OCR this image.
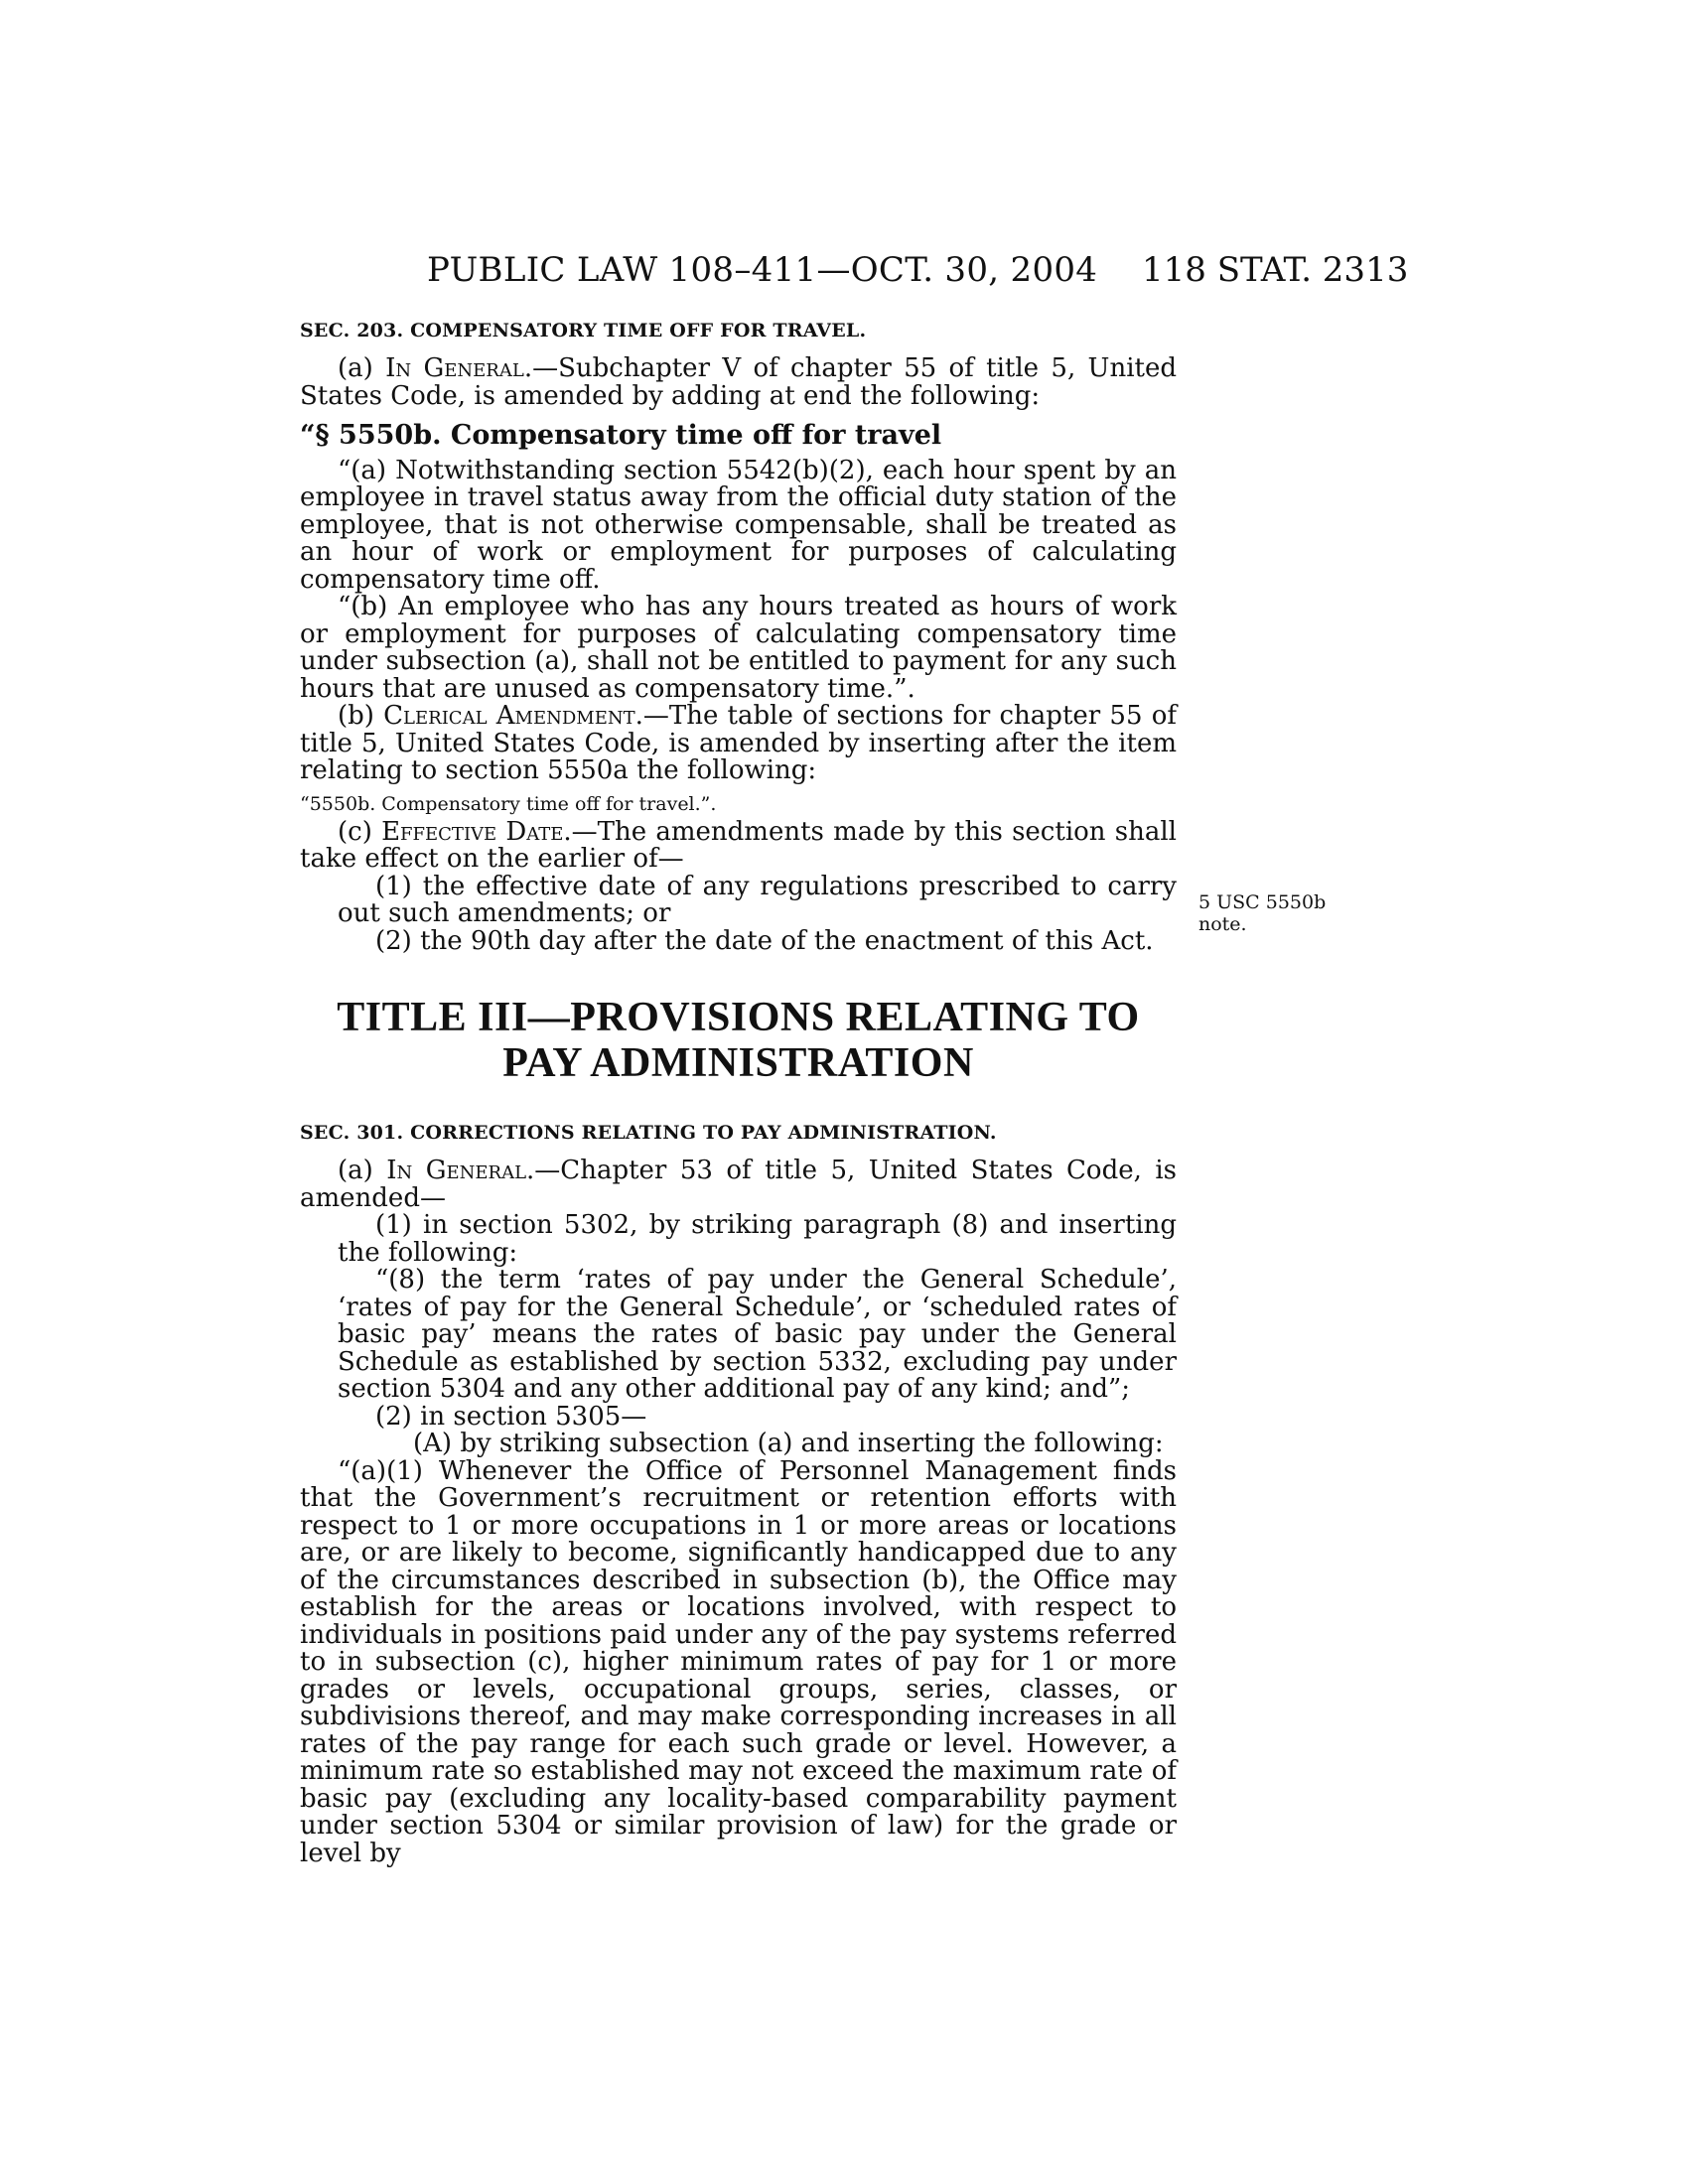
PUBLIC LAW 108–411—OCT. 30, 2004 118 STAT. 2313
5 USC 5550b
note.
SEC. 203. COMPENSATORY TIME OFF FOR TRAVEL.

(a) In General.—Subchapter V of chapter 55 of title 5, United States Code, is amended by adding at end the following:

“§ 5550b. Compensatory time off for travel

“(a) Notwithstanding section 5542(b)(2), each hour spent by an employee in travel status away from the official duty station of the employee, that is not otherwise compensable, shall be treated as an hour of work or employment for purposes of calculating compensatory time off.

“(b) An employee who has any hours treated as hours of work or employment for purposes of calculating compensatory time under subsection (a), shall not be entitled to payment for any such hours that are unused as compensatory time.”.

(b) Clerical Amendment.—The table of sections for chapter 55 of title 5, United States Code, is amended by inserting after the item relating to section 5550a the following:

“5550b. Compensatory time off for travel.”.

(c) Effective Date.—The amendments made by this section shall take effect on the earlier of—

(1) the effective date of any regulations prescribed to carry out such amendments; or

(2) the 90th day after the date of the enactment of this Act.

TITLE III—PROVISIONS RELATING TO
PAY ADMINISTRATION
SEC. 301. CORRECTIONS RELATING TO PAY ADMINISTRATION.

(a) In General.—Chapter 53 of title 5, United States Code, is amended—

(1) in section 5302, by striking paragraph (8) and inserting the following:

“(8) the term ‘rates of pay under the General Schedule’, ‘rates of pay for the General Schedule’, or ‘scheduled rates of basic pay’ means the rates of basic pay under the General Schedule as established by section 5332, excluding pay under section 5304 and any other additional pay of any kind; and”;

(2) in section 5305—

(A) by striking subsection (a) and inserting the following:

“(a)(1) Whenever the Office of Personnel Management finds that the Government’s recruitment or retention efforts with respect to 1 or more occupations in 1 or more areas or locations are, or are likely to become, significantly handicapped due to any of the circumstances described in subsection (b), the Office may establish for the areas or locations involved, with respect to individuals in positions paid under any of the pay systems referred to in subsection (c), higher minimum rates of pay for 1 or more grades or levels, occupational groups, series, classes, or subdivisions thereof, and may make corresponding increases in all rates of the pay range for each such grade or level. However, a minimum rate so established may not exceed the maximum rate of basic pay (excluding any locality-based comparability payment under section 5304 or similar provision of law) for the grade or level by
